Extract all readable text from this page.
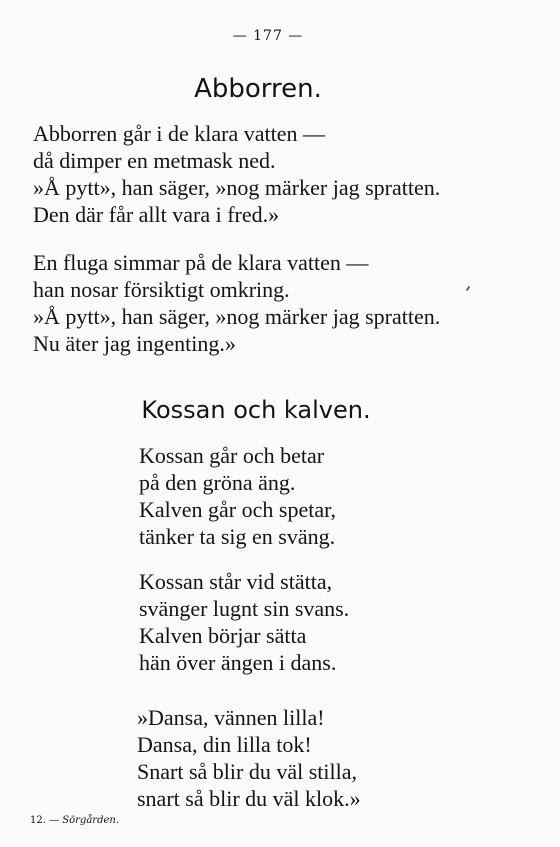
— 177 —
Abborren.
Abborren går i de klara vatten —
då dimper en metmask ned.
»Å pytt», han säger, »nog märker jag spratten.
Den där får allt vara i fred.»
En fluga simmar på de klara vatten —
han nosar försiktigt omkring.
»Å pytt», han säger, »nog märker jag spratten.
Nu äter jag ingenting.»
Kossan och kalven.
Kossan går och betar
på den gröna äng.
Kalven går och spetar,
tänker ta sig en sväng.
Kossan står vid stätta,
svänger lugnt sin svans.
Kalven börjar sätta
hän över ängen i dans.
»Dansa, vännen lilla!
Dansa, din lilla tok!
Snart så blir du väl stilla,
snart så blir du väl klok.»
12. — Sörgården.
